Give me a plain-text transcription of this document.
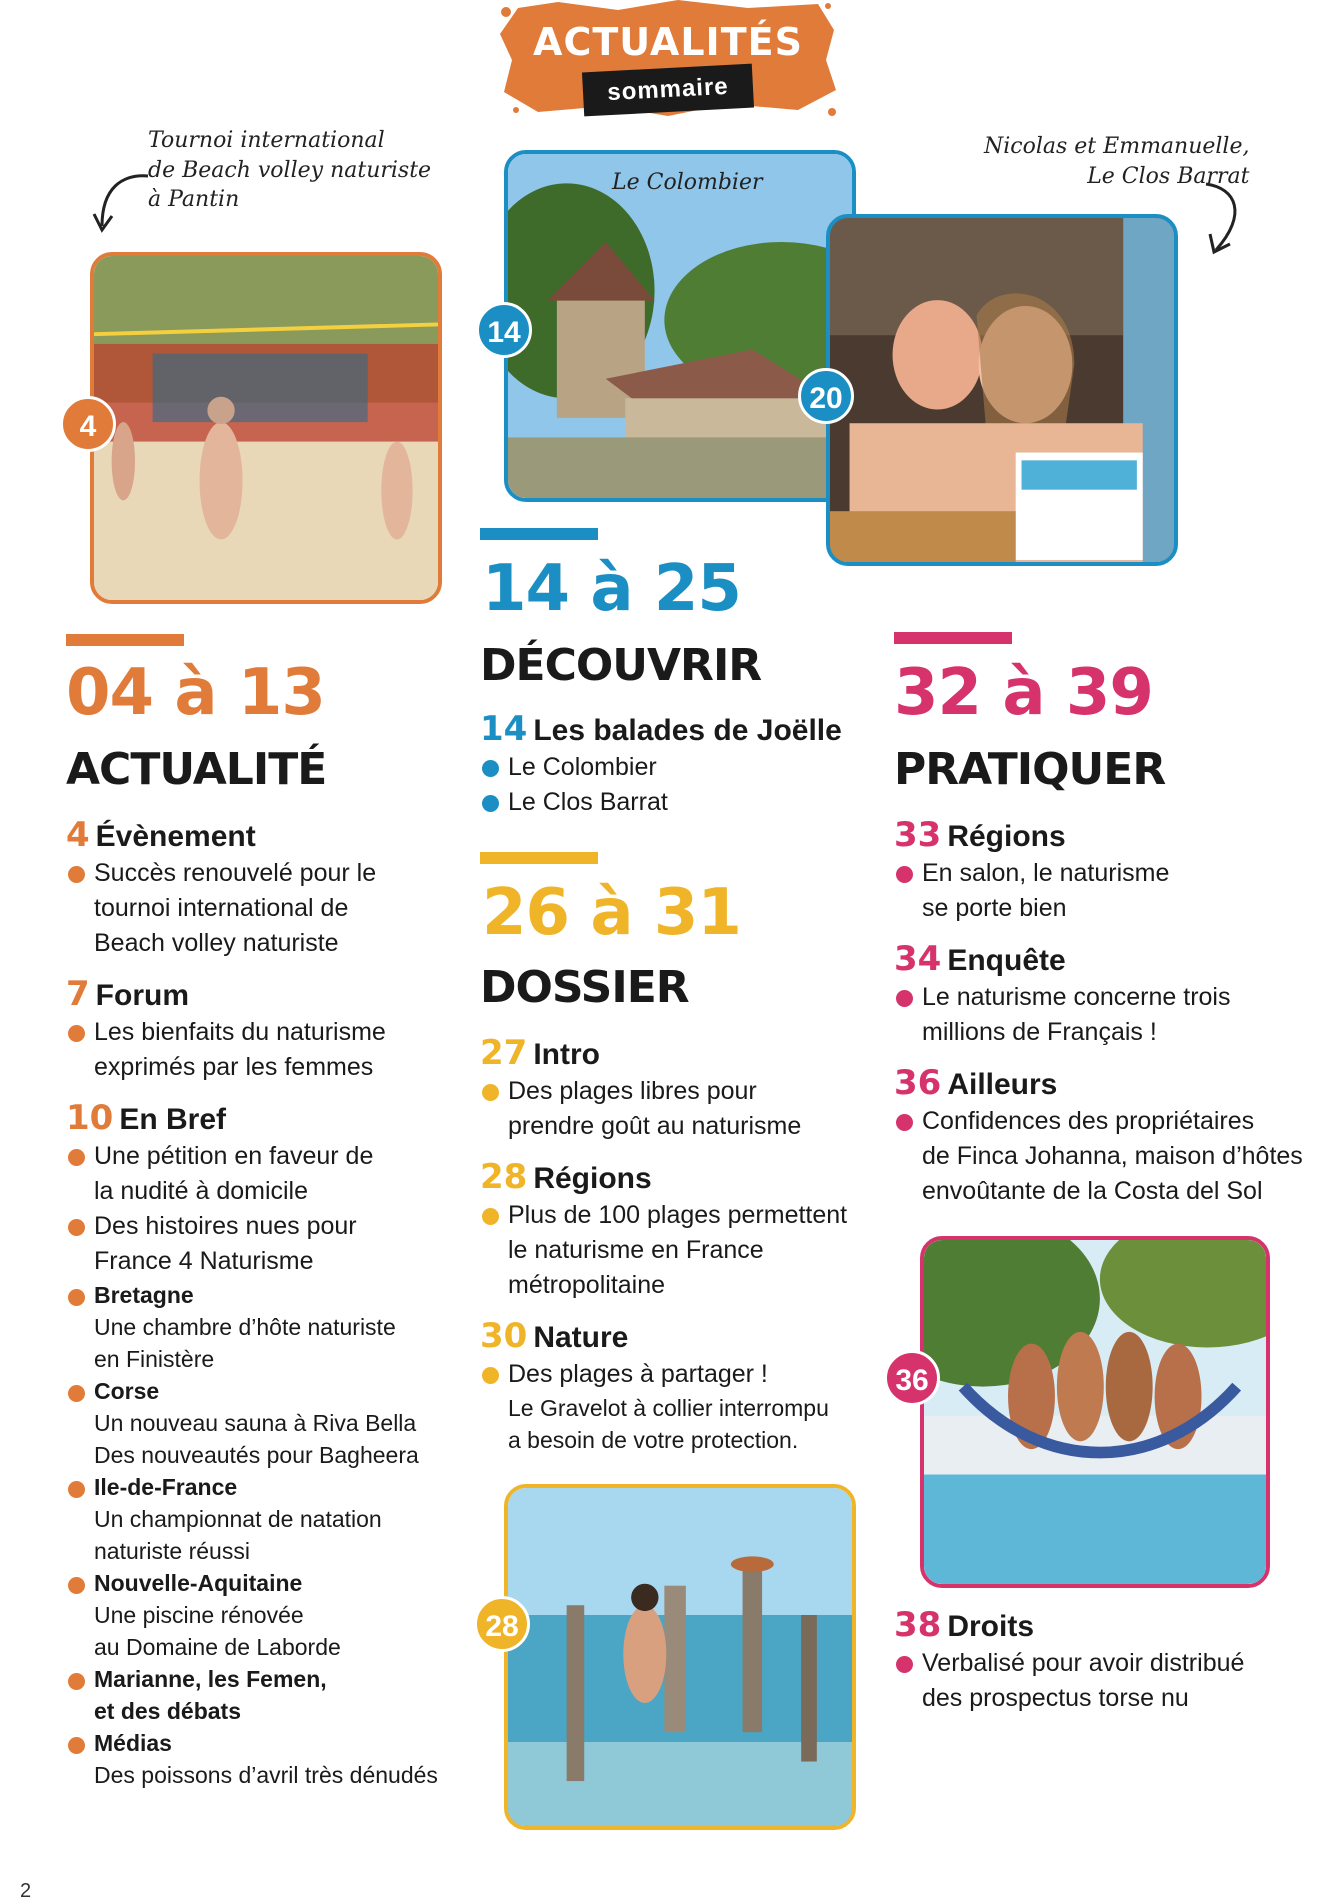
ACTUALITÉS
sommaire
Tournoi international
de Beach volley naturiste
à Pantin
Nicolas et Emmanuelle,
Le Clos Barrat
4
Le Colombier
14
20
14 à 25
DÉCOUVRIR
14 Les balades de Joëlle
Le Colombier
Le Clos Barrat
26 à 31
DOSSIER
27 Intro
Des plages libres pour
prendre goût au naturisme
28 Régions
Plus de 100 plages permettent
le naturisme en France
métropolitaine
30 Nature
Des plages à partager !
Le Gravelot à collier interrompu
a besoin de votre protection.
28
04 à 13
ACTUALITÉ
4 Évènement
Succès renouvelé pour le
tournoi international de
Beach volley naturiste
7 Forum
Les bienfaits du naturisme
exprimés par les femmes
10 En Bref
Une pétition en faveur de
la nudité à domicile
Des histoires nues pour
France 4 Naturisme
Bretagne
Une chambre d’hôte naturiste
en Finistère
Corse
Un nouveau sauna à Riva Bella
Des nouveautés pour Bagheera
Ile-de-France
Un championnat de natation
naturiste réussi
Nouvelle-Aquitaine
Une piscine rénovée
au Domaine de Laborde
Marianne, les Femen,
et des débats
Médias
Des poissons d’avril très dénudés
32 à 39
PRATIQUER
33 Régions
En salon, le naturisme
se porte bien
34 Enquête
Le naturisme concerne trois
millions de Français !
36 Ailleurs
Confidences des propriétaires
de Finca Johanna, maison d’hôtes
envoûtante de la Costa del Sol
36
38 Droits
Verbalisé pour avoir distribué
des prospectus torse nu
2
